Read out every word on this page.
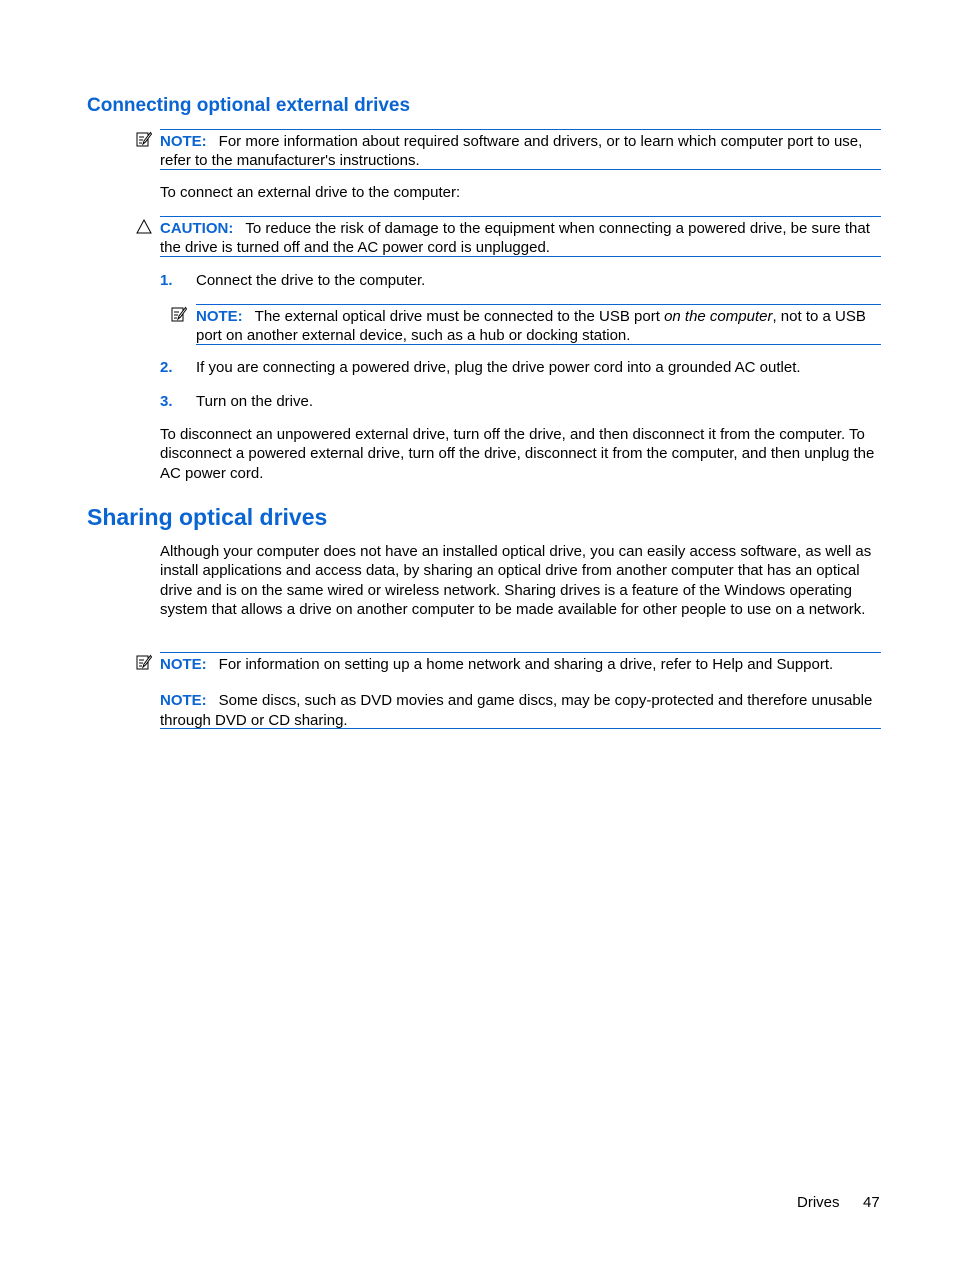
Connecting optional external drives

NOTE: For more information about required software and drivers, or to learn which computer port to use, refer to the manufacturer's instructions.

To connect an external drive to the computer:

CAUTION: To reduce the risk of damage to the equipment when connecting a powered drive, be sure that the drive is turned off and the AC power cord is unplugged.

1. Connect the drive to the computer.

NOTE: The external optical drive must be connected to the USB port on the computer, not to a USB port on another external device, such as a hub or docking station.

2. If you are connecting a powered drive, plug the drive power cord into a grounded AC outlet.
3. Turn on the drive.

To disconnect an unpowered external drive, turn off the drive, and then disconnect it from the computer. To disconnect a powered external drive, turn off the drive, disconnect it from the computer, and then unplug the AC power cord.

Sharing optical drives

Although your computer does not have an installed optical drive, you can easily access software, as well as install applications and access data, by sharing an optical drive from another computer that has an optical drive and is on the same wired or wireless network. Sharing drives is a feature of the Windows operating system that allows a drive on another computer to be made available for other people to use on a network.

NOTE: For information on setting up a home network and sharing a drive, refer to Help and Support.

NOTE: Some discs, such as DVD movies and game discs, may be copy-protected and therefore unusable through DVD or CD sharing.

Drives 47
